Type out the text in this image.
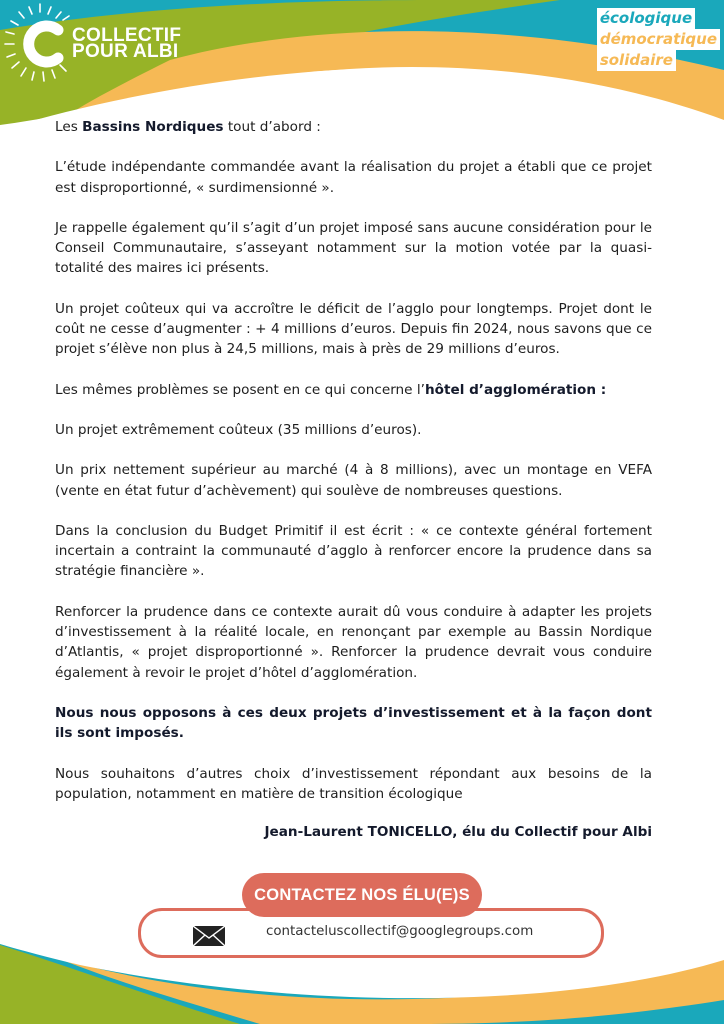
COLLECTIF
POUR ALBI
écologique
démocratique
solidaire

Les Bassins Nordiques tout d’abord :

L’étude indépendante commandée avant la réalisation du projet a établi que ce projet est disproportionné, « surdimensionné ».

Je rappelle également qu’il s’agit d’un projet imposé sans aucune considération pour le Conseil Communautaire, s’asseyant notamment sur la motion votée par la quasi-totalité des maires ici présents.

Un projet coûteux qui va accroître le déficit de l’agglo pour longtemps. Projet dont le coût ne cesse d’augmenter : + 4 millions d’euros. Depuis fin 2024, nous savons que ce projet s’élève non plus à 24,5 millions, mais à près de 29 millions d’euros.

Les mêmes problèmes se posent en ce qui concerne l’hôtel d’agglomération :

Un projet extrêmement coûteux (35 millions d’euros).

Un prix nettement supérieur au marché (4 à 8 millions), avec un montage en VEFA (vente en état futur d’achèvement) qui soulève de nombreuses questions.

Dans la conclusion du Budget Primitif il est écrit : « ce contexte général fortement incertain a contraint la communauté d’agglo à renforcer encore la prudence dans sa stratégie financière ».

Renforcer la prudence dans ce contexte aurait dû vous conduire à adapter les projets d’investissement à la réalité locale, en renonçant par exemple au Bassin Nordique d’Atlantis, « projet disproportionné ». Renforcer la prudence devrait vous conduire également à revoir le projet d’hôtel d’agglomération.

Nous nous opposons à ces deux projets d’investissement et à la façon dont ils sont imposés.

Nous souhaitons d’autres choix d’investissement répondant aux besoins de la population, notamment en matière de transition écologique

Jean-Laurent TONICELLO, élu du Collectif pour Albi

CONTACTEZ NOS ÉLU(E)S
contacteluscollectif@googlegroups.com
